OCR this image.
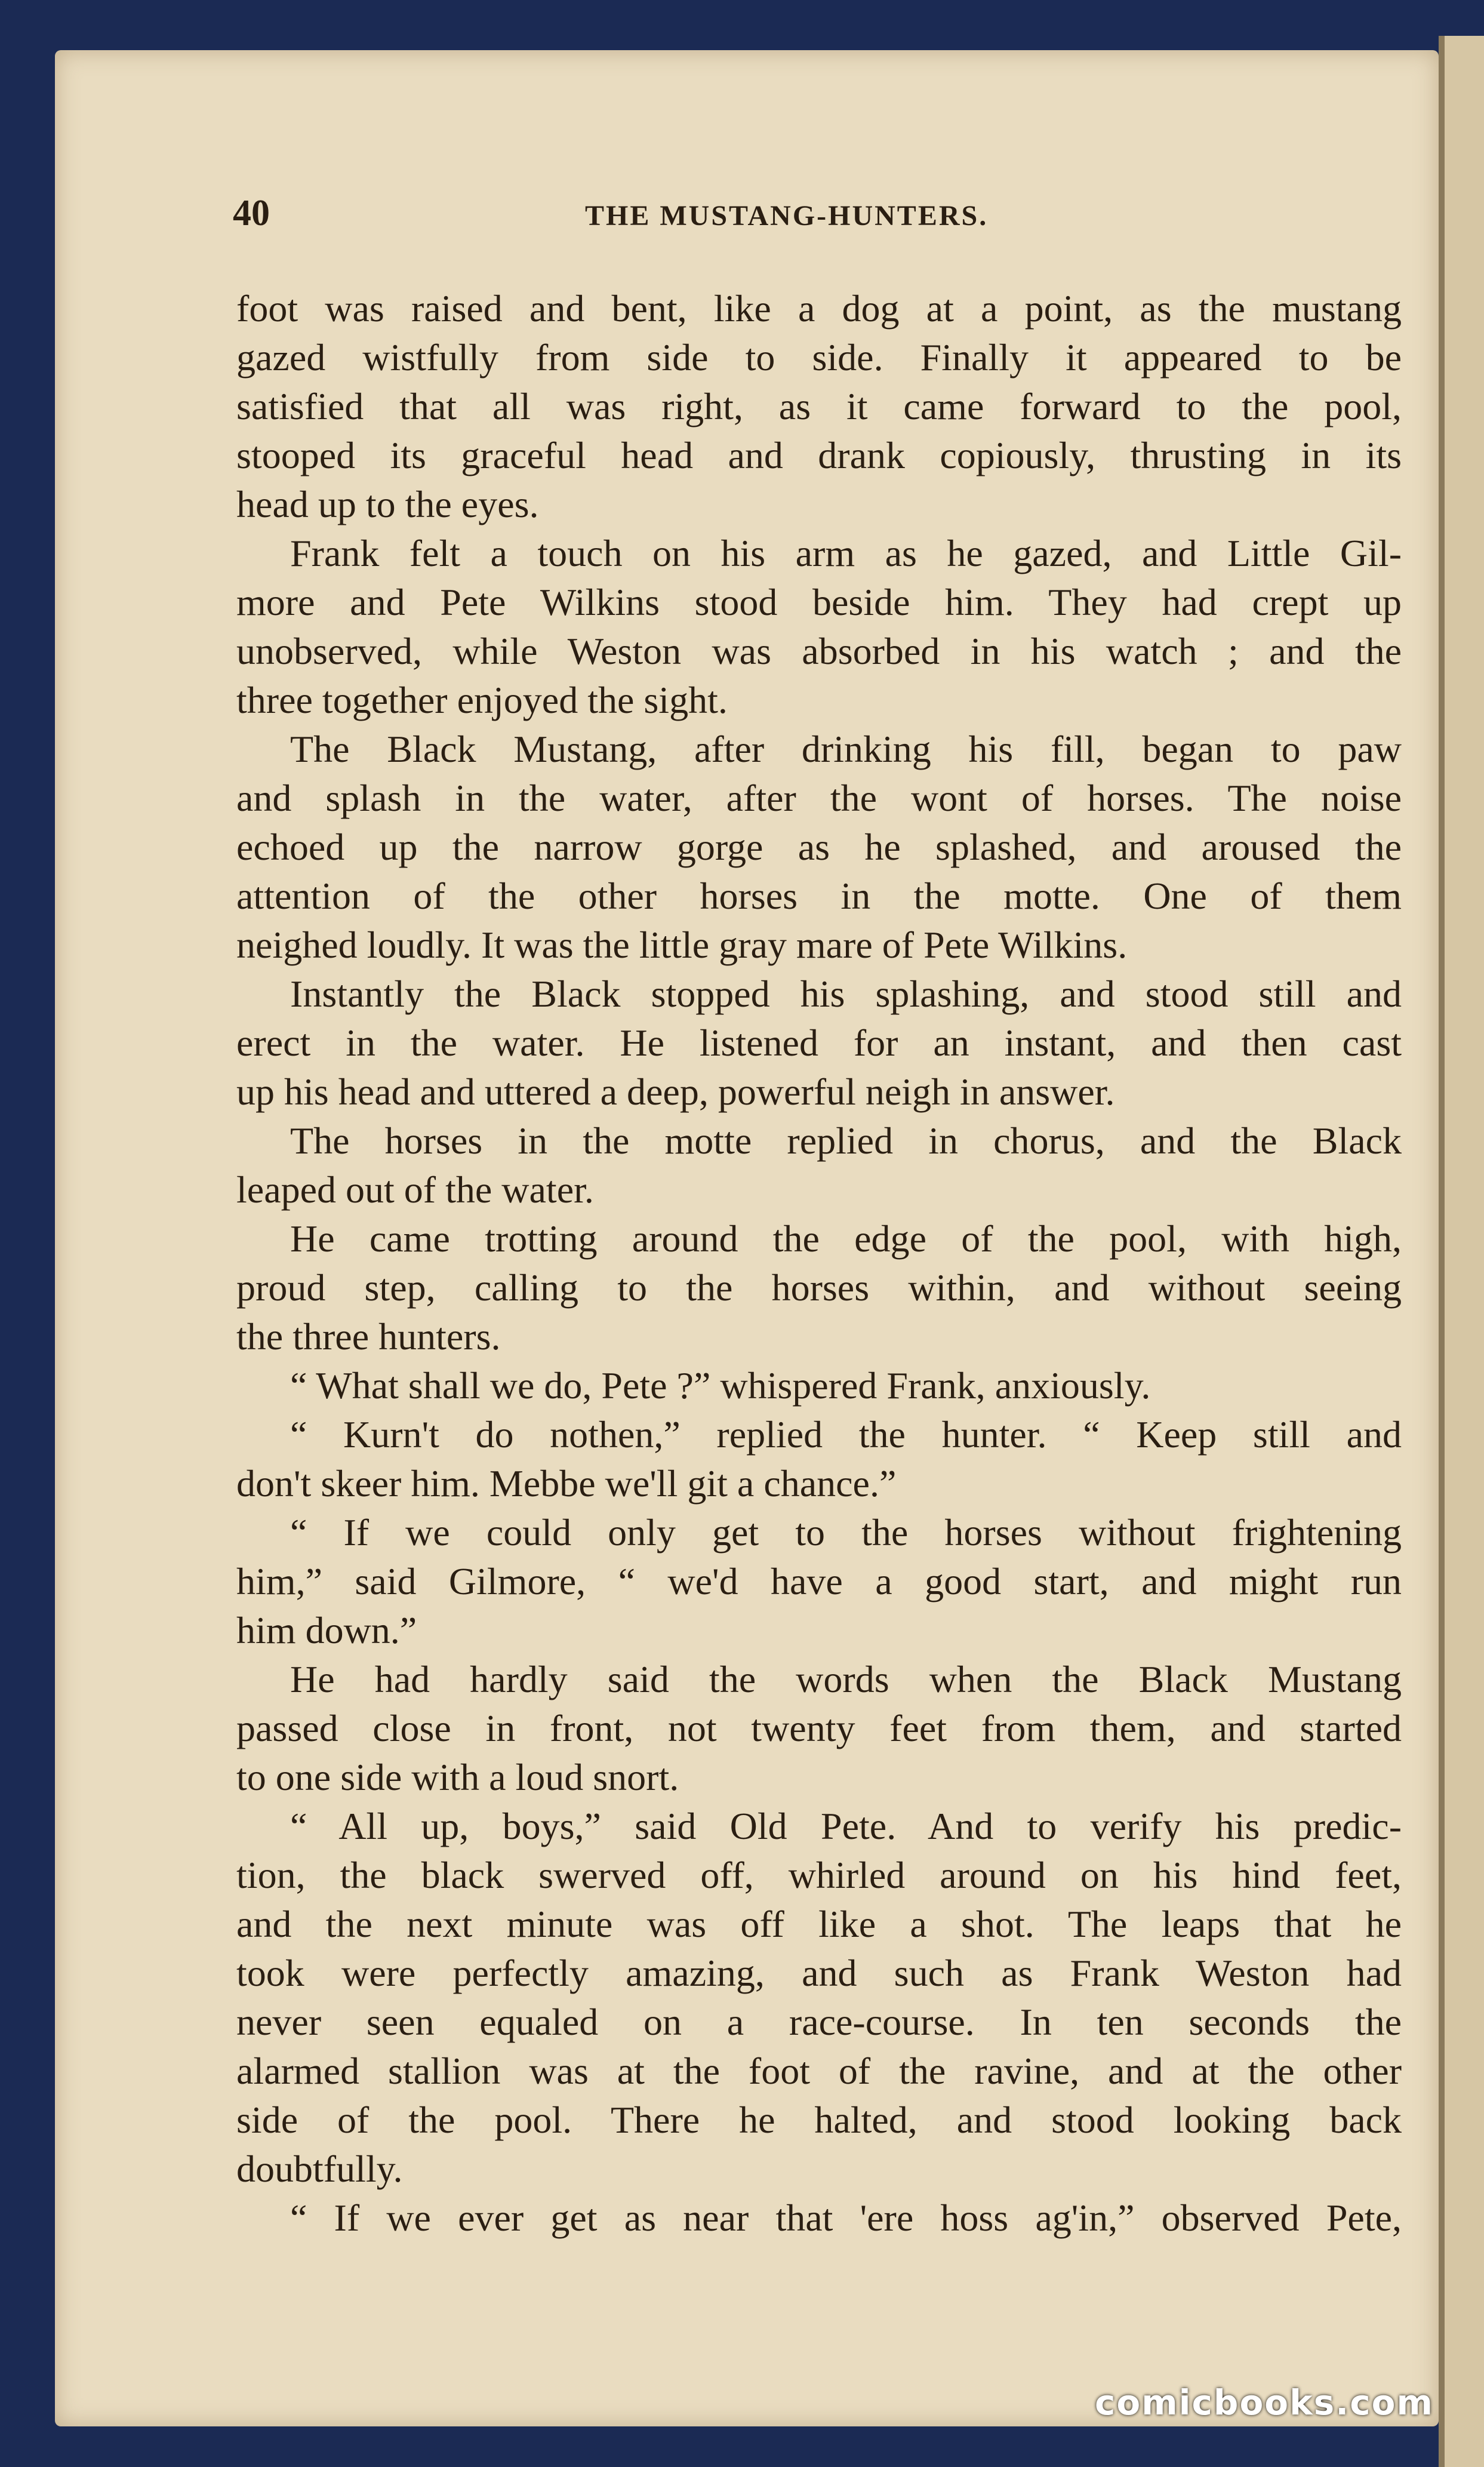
40	THE MUSTANG-HUNTERS.
foot was raised and bent, like a dog at a point, as the mustang
gazed wistfully from side to side. Finally it appeared to be
satisfied that all was right, as it came forward to the pool,
stooped its graceful head and drank copiously, thrusting in its
head up to the eyes.
Frank felt a touch on his arm as he gazed, and Little Gil-
more and Pete Wilkins stood beside him. They had crept up
unobserved, while Weston was absorbed in his watch ; and the
three together enjoyed the sight.
The Black Mustang, after drinking his fill, began to paw
and splash in the water, after the wont of horses. The noise
echoed up the narrow gorge as he splashed, and aroused the
attention of the other horses in the motte. One of them
neighed loudly. It was the little gray mare of Pete Wilkins.
Instantly the Black stopped his splashing, and stood still and
erect in the water. He listened for an instant, and then cast
up his head and uttered a deep, powerful neigh in answer.
The horses in the motte replied in chorus, and the Black
leaped out of the water.
He came trotting around the edge of the pool, with high,
proud step, calling to the horses within, and without seeing
the three hunters.
“ What shall we do, Pete ?” whispered Frank, anxiously.
“ Kurn't do nothen,” replied the hunter. “ Keep still and
don't skeer him. Mebbe we'll git a chance.”
“ If we could only get to the horses without frightening
him,” said Gilmore, “ we'd have a good start, and might run
him down.”
He had hardly said the words when the Black Mustang
passed close in front, not twenty feet from them, and started
to one side with a loud snort.
“ All up, boys,” said Old Pete. And to verify his predic-
tion, the black swerved off, whirled around on his hind feet,
and the next minute was off like a shot. The leaps that he
took were perfectly amazing, and such as Frank Weston had
never seen equaled on a race-course. In ten seconds the
alarmed stallion was at the foot of the ravine, and at the other
side of the pool. There he halted, and stood looking back
doubtfully.
“ If we ever get as near that 'ere hoss ag'in,” observed Pete,
comicbooks.com
